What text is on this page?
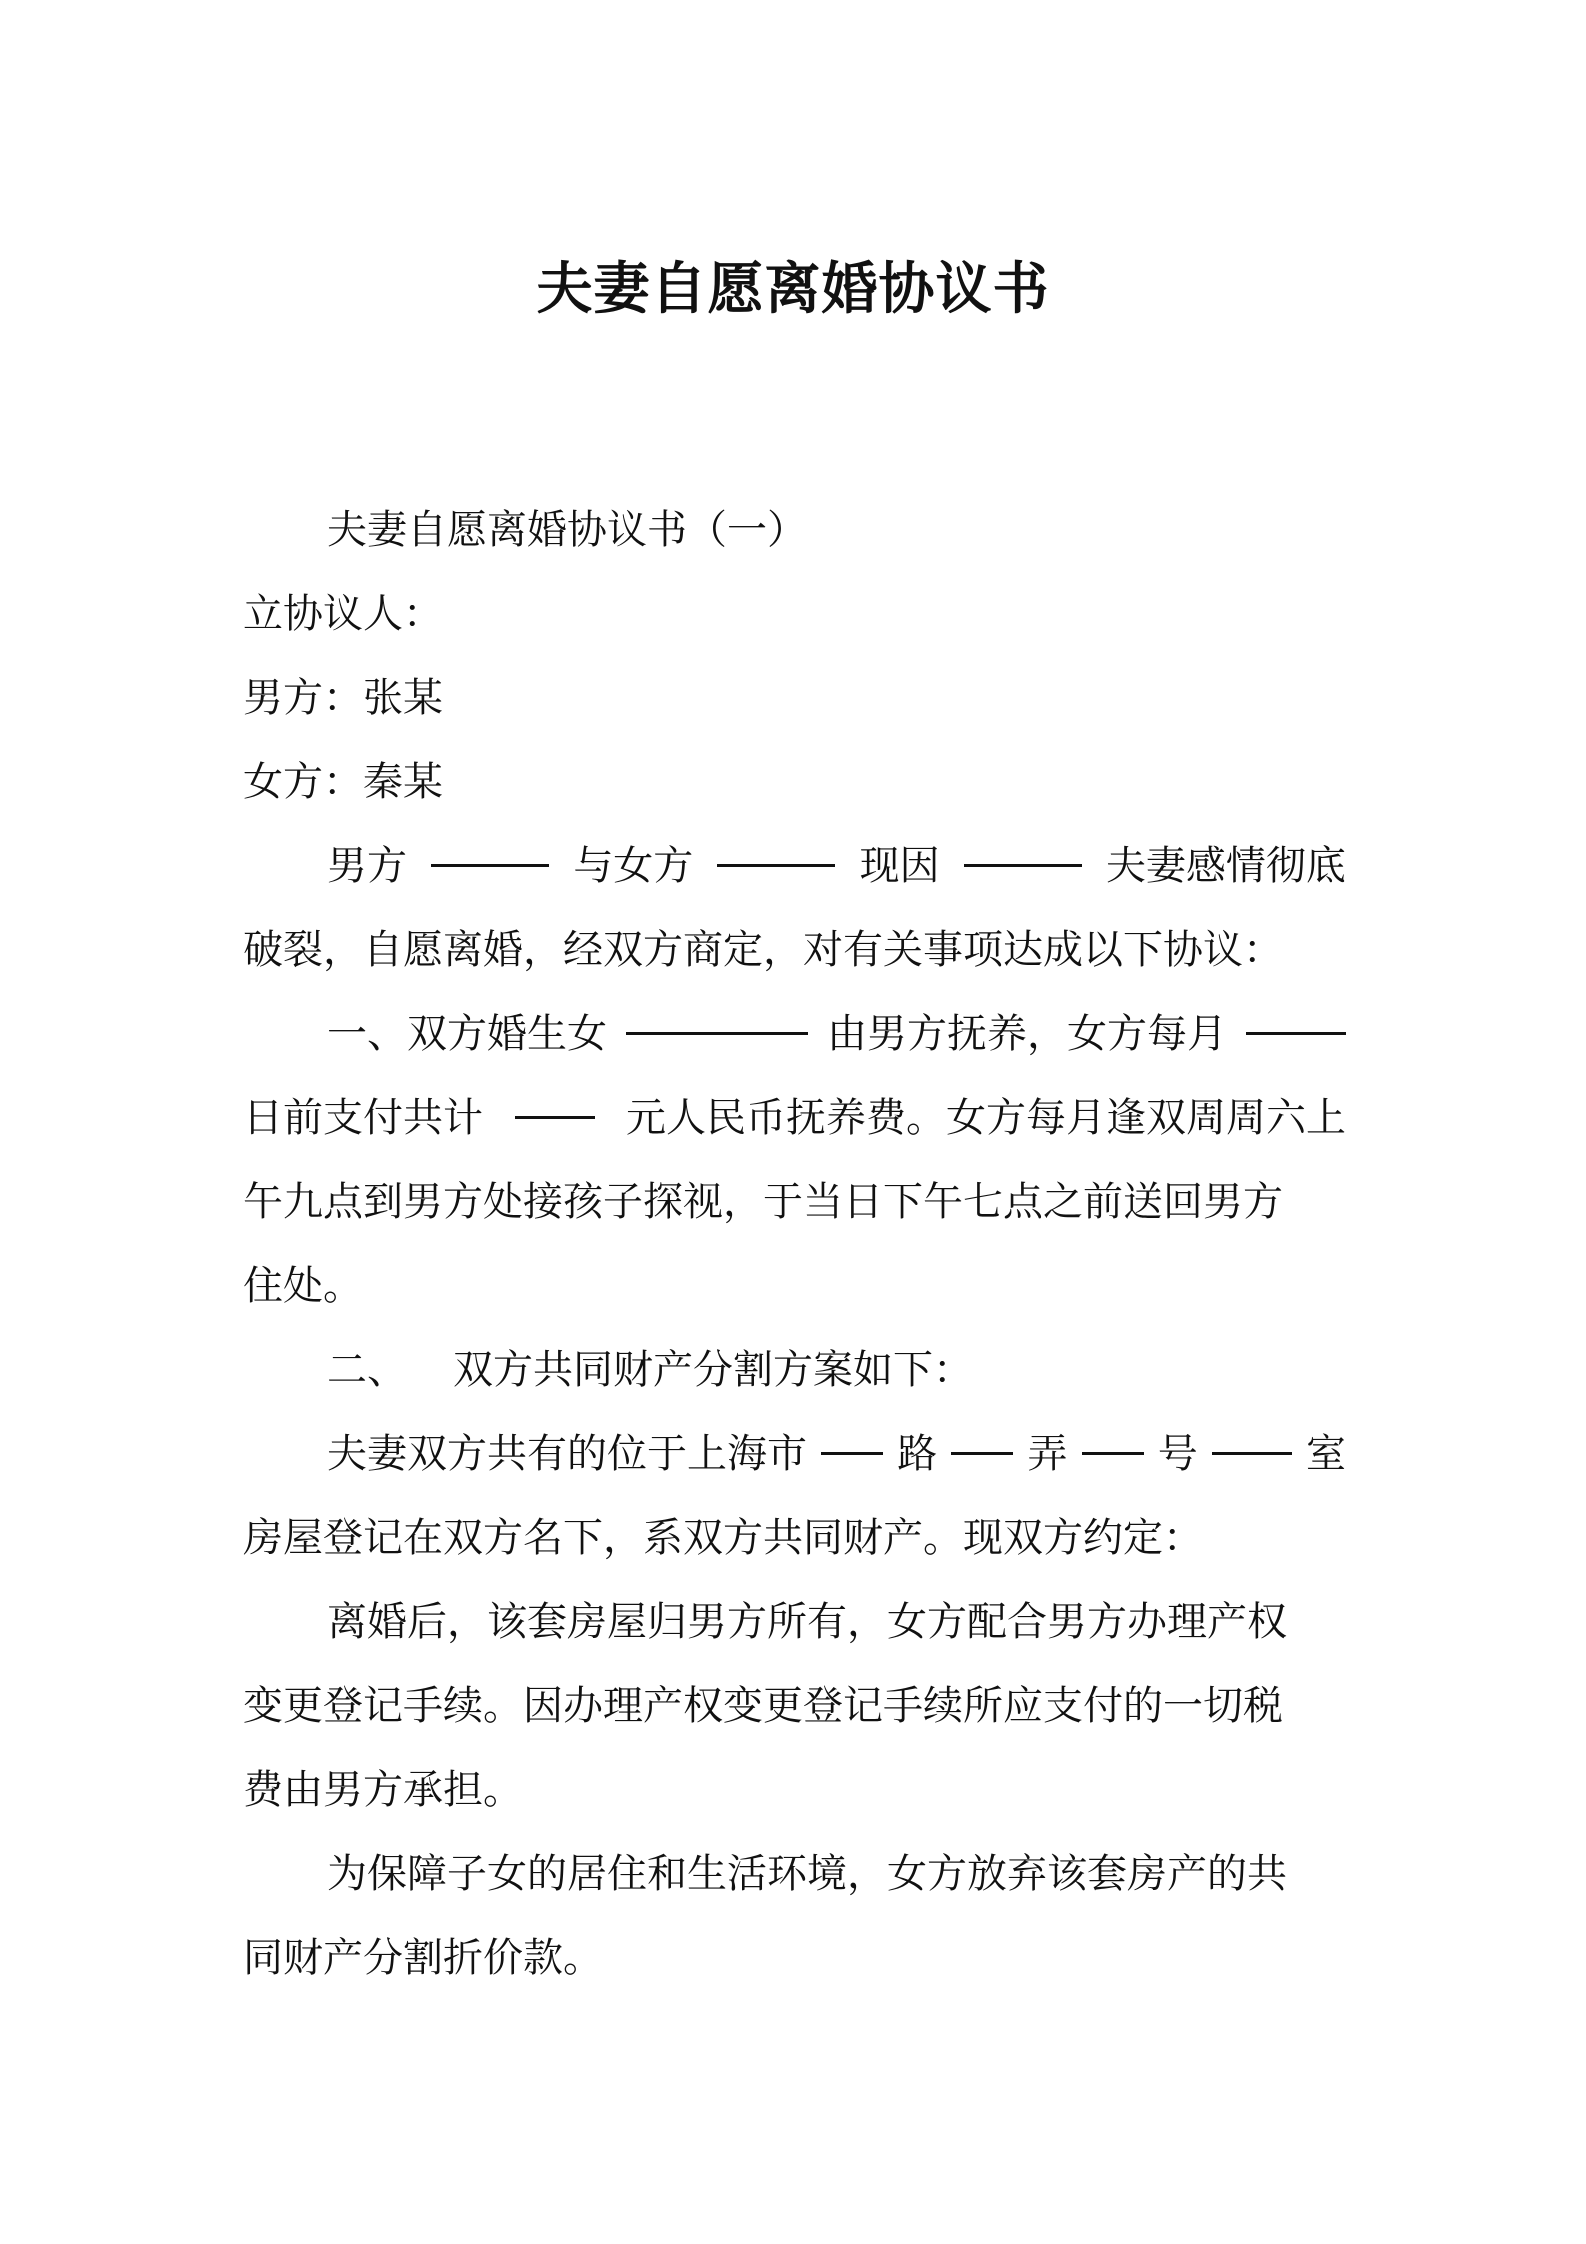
夫妻自愿离婚协议书

夫妻自愿离婚协议书（一）

立协议人：

男方：张某

女方：秦某

男方	与女方	现因	夫妻感情彻底

破裂，自愿离婚，经双方商定，对有关事项达成以下协议：

一、双方婚生女	由男方抚养，女方每月

日前支付共计	元人民币抚养费。女方每月逢双周周六上

午九点到男方处接孩子探视，于当日下午七点之前送回男方

住处。

二、 双方共同财产分割方案如下：

夫妻双方共有的位于上海市 路 弄 号	室

房屋登记在双方名下，系双方共同财产。现双方约定：

离婚后，该套房屋归男方所有，女方配合男方办理产权

变更登记手续。因办理产权变更登记手续所应支付的一切税

费由男方承担。

为保障子女的居住和生活环境，女方放弃该套房产的共

同财产分割折价款。
